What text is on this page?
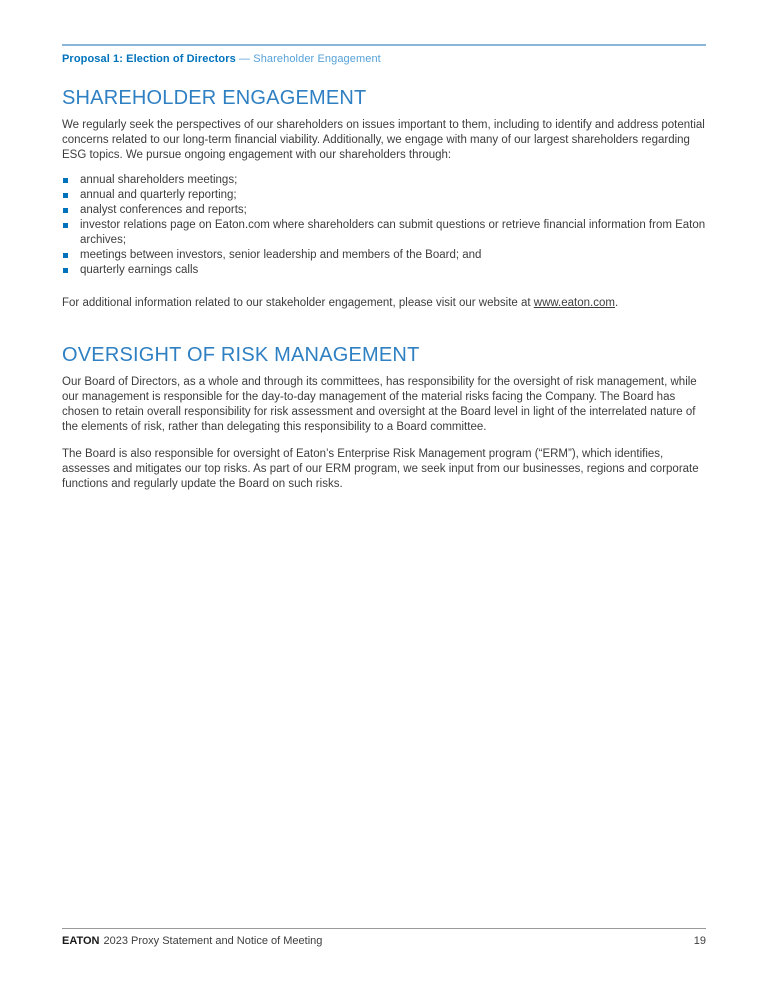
Proposal 1: Election of Directors — Shareholder Engagement
SHAREHOLDER ENGAGEMENT

We regularly seek the perspectives of our shareholders on issues important to them, including to identify and address potential concerns related to our long-term financial viability. Additionally, we engage with many of our largest shareholders regarding ESG topics. We pursue ongoing engagement with our shareholders through:

annual shareholders meetings;
annual and quarterly reporting;
analyst conferences and reports;
investor relations page on Eaton.com where shareholders can submit questions or retrieve financial information from Eaton archives;
meetings between investors, senior leadership and members of the Board; and
quarterly earnings calls

For additional information related to our stakeholder engagement, please visit our website at www.eaton.com.

OVERSIGHT OF RISK MANAGEMENT

Our Board of Directors, as a whole and through its committees, has responsibility for the oversight of risk management, while our management is responsible for the day-to-day management of the material risks facing the Company. The Board has chosen to retain overall responsibility for risk assessment and oversight at the Board level in light of the interrelated nature of the elements of risk, rather than delegating this responsibility to a Board committee.

The Board is also responsible for oversight of Eaton’s Enterprise Risk Management program (“ERM”), which identifies, assesses and mitigates our top risks. As part of our ERM program, we seek input from our businesses, regions and corporate functions and regularly update the Board on such risks.

EATON 2023 Proxy Statement and Notice of Meeting	19
